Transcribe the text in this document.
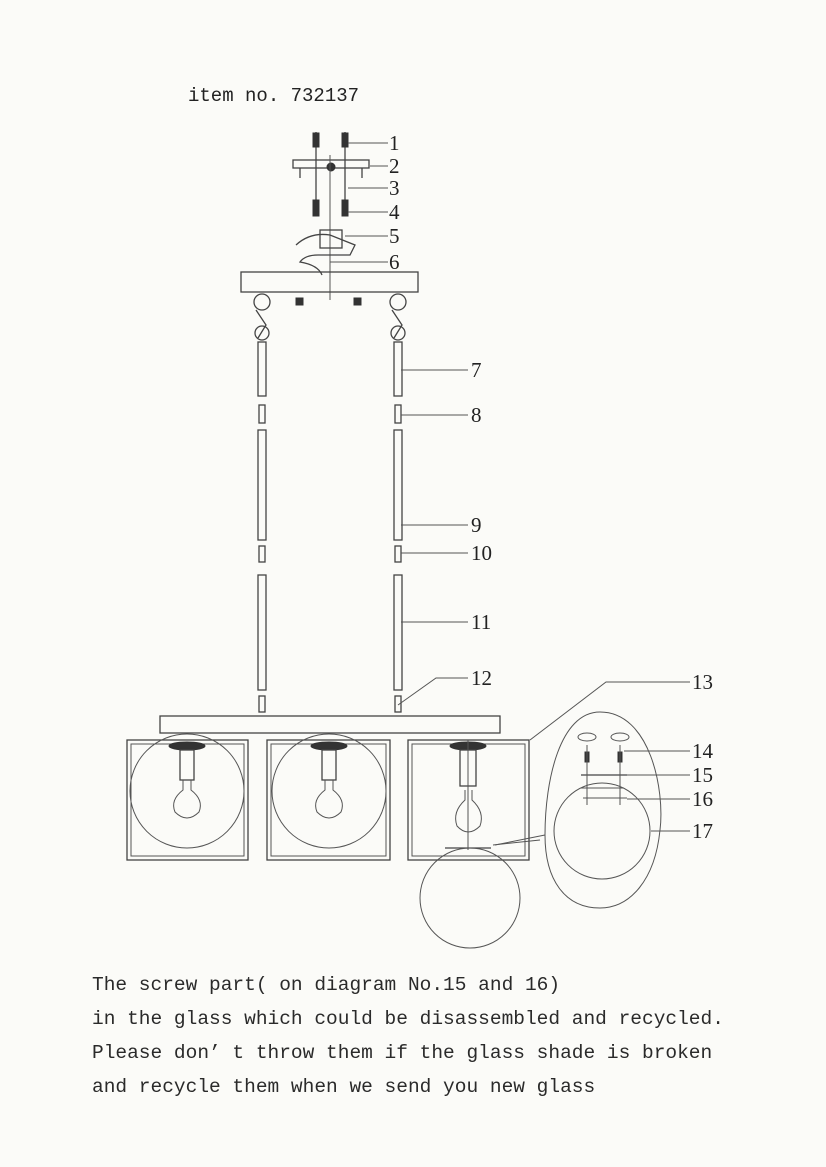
item no. 732137
1
2
3
4
5
6
7
8
9
10
11
12	13
14
15
16
17
The screw part( on diagram No.15 and 16)
in the glass which could be disassembled and recycled.
Please don’ t throw them if the glass shade is broken
and recycle them when we send you new glass
